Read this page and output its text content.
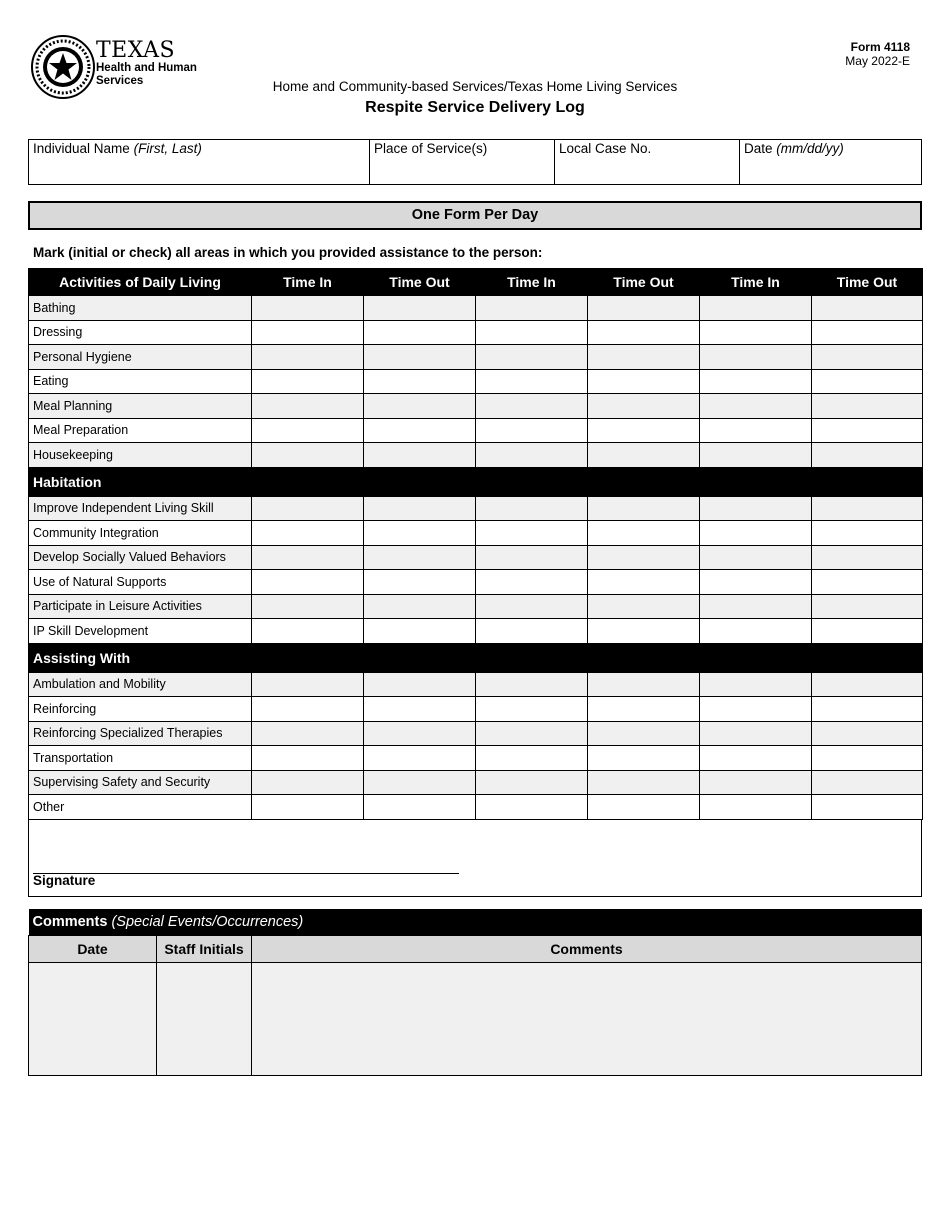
TEXAS
Health and Human
Services
Form 4118
May 2022-E
Home and Community-based Services/Texas Home Living Services
Respite Service Delivery Log
Individual Name (First, Last)	Place of Service(s)	Local Case No.	Date (mm/dd/yy)
One Form Per Day
Mark (initial or check) all areas in which you provided assistance to the person:
Activities of Daily Living	Time In	Time Out	Time In	Time Out	Time In	Time Out
Bathing						
Dressing						
Personal Hygiene						
Eating						
Meal Planning						
Meal Preparation						
Housekeeping						
Habitation						
Improve Independent Living Skill						
Community Integration						
Develop Socially Valued Behaviors						
Use of Natural Supports						
Participate in Leisure Activities						
IP Skill Development						
Assisting With						
Ambulation and Mobility						
Reinforcing						
Reinforcing Specialized Therapies						
Transportation						
Supervising Safety and Security						
Other						
Signature
Comments (Special Events/Occurrences)		
Date	Staff Initials	Comments
